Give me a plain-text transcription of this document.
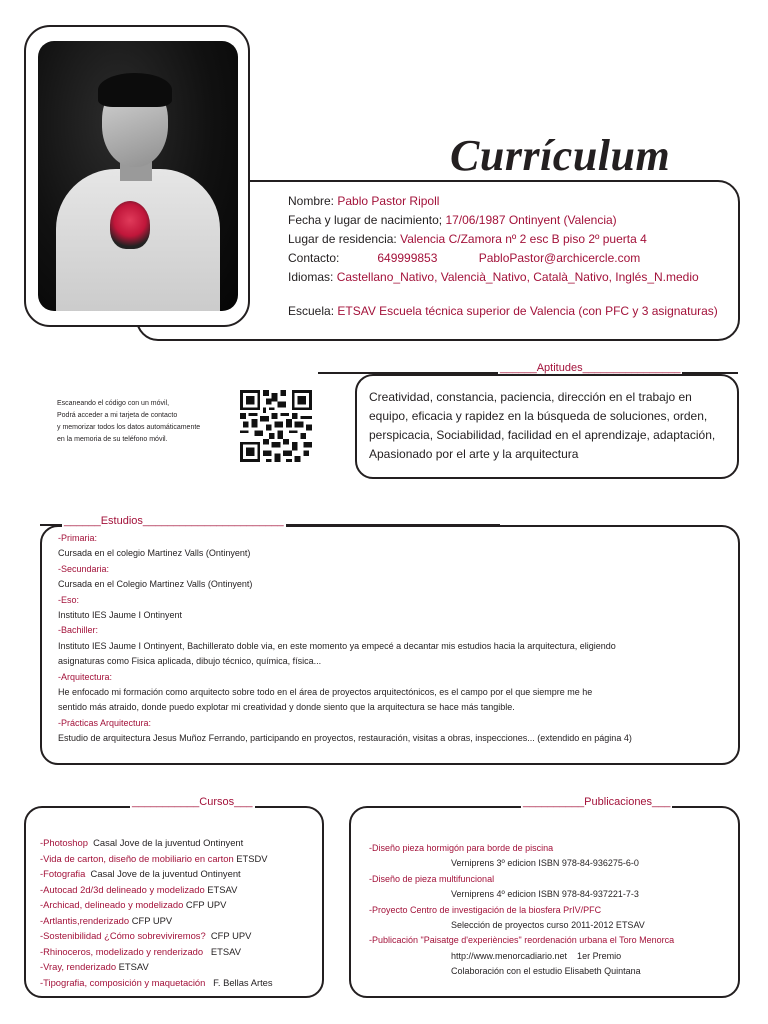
Currículum
Nombre: Pablo Pastor Ripoll
Fecha y lugar de nacimiento; 17/06/1987 Ontinyent (Valencia)
Lugar de residencia: Valencia C/Zamora nº 2 esc B piso 2º puerta 4
Contacto:	649999853	PabloPastor@archicercle.com
Idiomas: Castellano_Nativo, Valencià_Nativo, Català_Nativo, Inglés_N.medio
Escuela: ETSAV Escuela técnica superior de Valencia (con PFC y 3 asignaturas)
Escaneando el código con un móvil,
Podrá acceder a mi tarjeta de contacto
y memorizar todos los datos automáticamente
en la memoria de su teléfono móvil.
______Aptitudes________________
Creatividad, constancia, paciencia, dirección en el trabajo en equipo, eficacia y rapidez en la búsqueda de soluciones, orden, perspicacia, Sociabilidad, facilidad en el aprendizaje, adaptación, Apasionado por el arte y la arquitectura
______Estudios_______________________
-Primaria:
Cursada en el colegio Martinez Valls (Ontinyent)
-Secundaria:
Cursada en el Colegio Martinez Valls (Ontinyent)
-Eso:
Instituto IES Jaume I Ontinyent
-Bachiller:
Instituto IES Jaume I Ontinyent, Bachillerato doble via, en este momento ya empecé a decantar mis estudios hacia la arquitectura, eligiendo
asignaturas como Fisica aplicada, dibujo técnico, química, física...
-Arquitectura:
He enfocado mi formación como arquitecto sobre todo en el área de proyectos arquitectónicos, es el campo por el que siempre me he
sentido más atraido, donde puedo explotar mi creatividad y donde siento que la arquitectura se hace más tangible.
-Prácticas Arquitectura:
Estudio de arquitectura Jesus Muñoz Ferrando, participando en proyectos, restauración, visitas a obras, inspecciones... (extendido en página 4)
___________Cursos___
-Photoshop  Casal Jove de la juventud Ontinyent
-Vida de carton, diseño de mobiliario en carton ETSDV
-Fotografia  Casal Jove de la juventud Ontinyent
-Autocad 2d/3d delineado y modelizado ETSAV
-Archicad, delineado y modelizado CFP UPV
-Artlantis,renderizado CFP UPV
-Sostenibilidad ¿Cómo sobreviviremos?  CFP UPV
-Rhinoceros, modelizado y renderizado   ETSAV
-Vray, renderizado ETSAV
-Tipografia, composición y maquetación   F. Bellas Artes
__________Publicaciones___
-Diseño pieza hormigón para borde de piscina
Verniprens 3º edicion ISBN 978-84-936275-6-0
-Diseño de pieza multifuncional
Verniprens 4º edicion ISBN 978-84-937221-7-3
-Proyecto Centro de investigación de la biosfera PrIV/PFC
Selección de proyectos curso 2011-2012 ETSAV
-Publicación "Paisatge d'experiències" reordenación urbana el Toro Menorca
http://www.menorcadiario.net    1er Premio
Colaboración con el estudio Elisabeth Quintana
